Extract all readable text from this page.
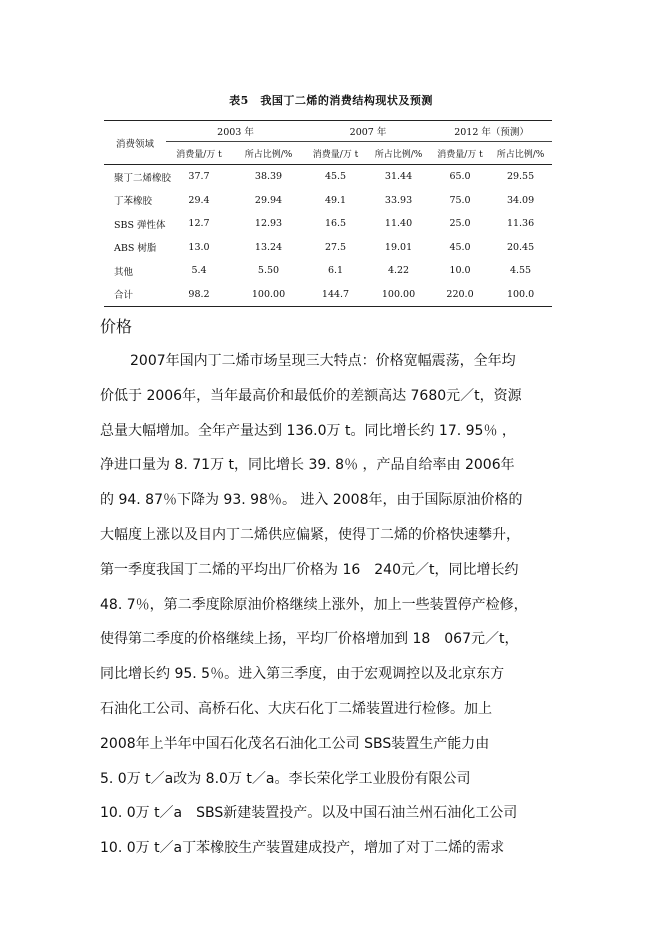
表5　我国丁二烯的消费结构现状及预测
消费领域	2003 年		2007 年		2012 年（预测）	
	消费量/万 t	所占比例/%	消费量/万 t	所占比例/%	消费量/万 t	所占比例/%
聚丁二烯橡胶	37.7	38.39	45.5	31.44	65.0	29.55
丁苯橡胶	29.4	29.94	49.1	33.93	75.0	34.09
SBS 弹性体	12.7	12.93	16.5	11.40	25.0	11.36
ABS 树脂	13.0	13.24	27.5	19.01	45.0	20.45
其他	5.4	5.50	6.1	4.22	10.0	4.55
合计	98.2	100.00	144.7	100.00	220.0	100.0
价格
2007年国内丁二烯市场呈现三大特点：价格宽幅震荡，全年均
价低于 2006年，当年最高价和最低价的差额高达 7680元／t，资源
总量大幅增加。全年产量达到 136.0万 t。同比增长约 17. 95％ ，
净进口量为 8. 71万 t，同比增长 39. 8％ ，产品自给率由 2006年
的 94. 87％下降为 93. 98％。 进入 2008年，由于国际原油价格的
大幅度上涨以及目内丁二烯供应偏紧，使得丁二烯的价格快速攀升，
第一季度我国丁二烯的平均出厂价格为 16　240元／t，同比增长约
48. 7％，第二季度除原油价格继续上涨外，加上一些装置停产检修，
使得第二季度的价格继续上扬，平均厂价格增加到 18　067元／t，
同比增长约 95. 5％。进入第三季度，由于宏观调控以及北京东方
石油化工公司、高桥石化、大庆石化丁二烯装置进行检修。加上
2008年上半年中国石化茂名石油化工公司 SBS装置生产能力由
5. 0万 t／a改为 8.0万 t／a。李长荣化学工业股份有限公司
10. 0万 t／a　SBS新建装置投产。以及中国石油兰州石油化工公司
10. 0万 t／a丁苯橡胶生产装置建成投产，增加了对丁二烯的需求
